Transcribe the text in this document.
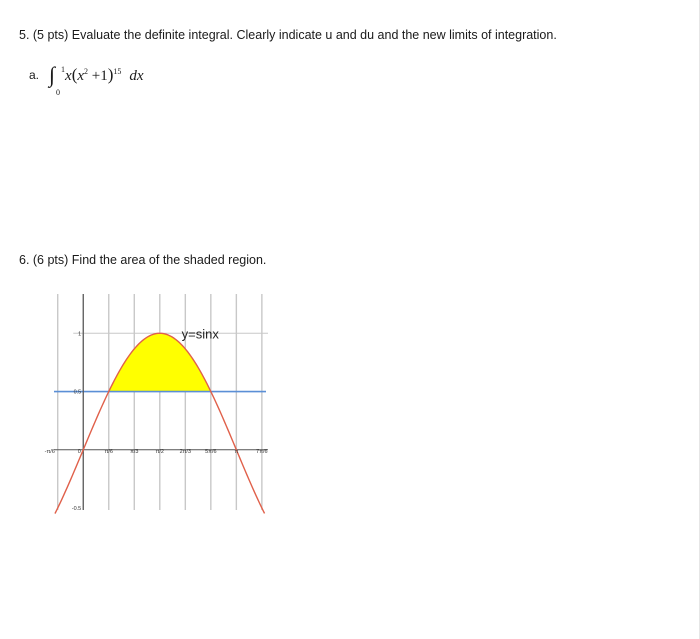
5. (5 pts) Evaluate the definite integral. Clearly indicate u and du and the new limits of integration.
a. ∫ 1
0
$x(x^2 +1)^{15}$ dx
6. (6 pts) Find the area of the shaded region.
-π/6	0	π/6	π/3	π/2	2π/3	5π/6	π	7π/6
1
0.5
-0.5
y=sinx
